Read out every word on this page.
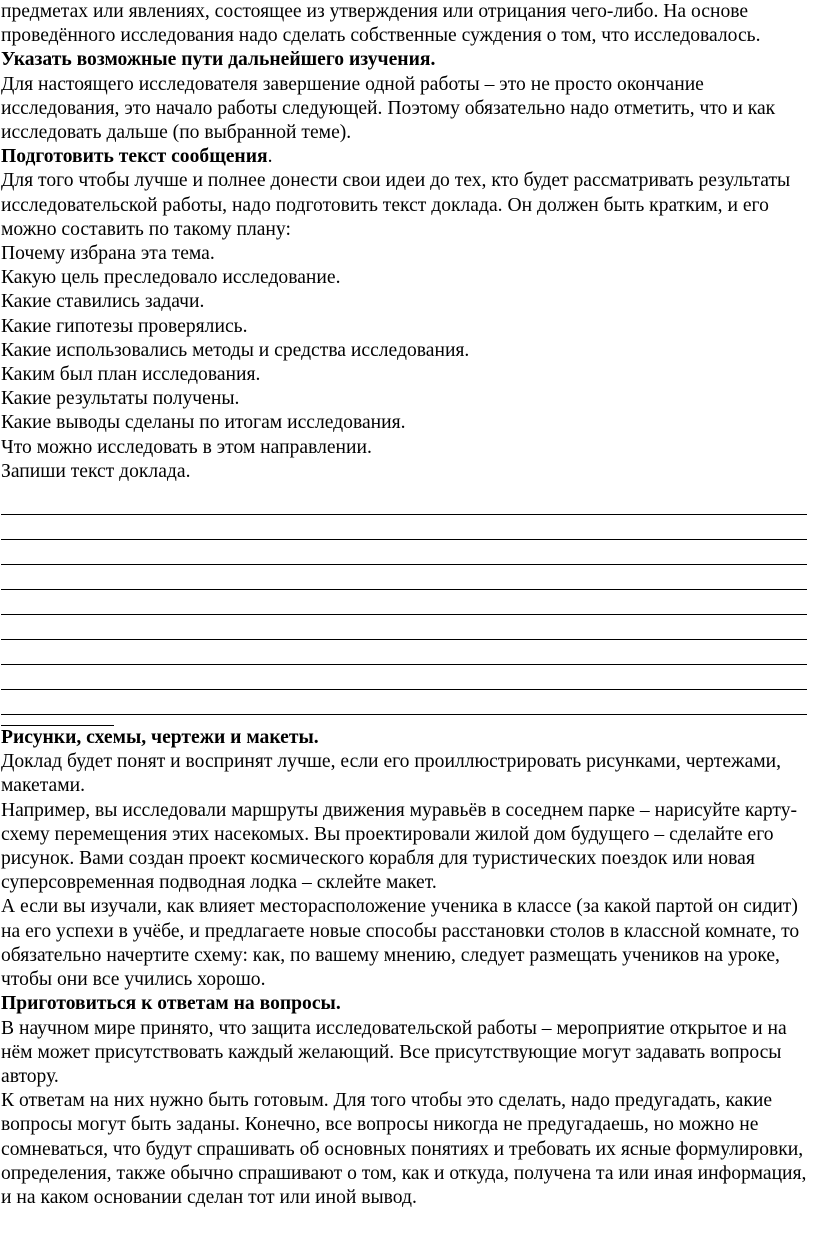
предметах или явлениях, состоящее из утверждения или отрицания чего-либо. На основе проведённого исследования надо сделать собственные суждения о том, что исследовалось.

Указать возможные пути дальнейшего изучения.

Для настоящего исследователя завершение одной работы – это не просто окончание исследования, это начало работы следующей. Поэтому обязательно надо отметить, что и как исследовать дальше (по выбранной теме).

Подготовить текст сообщения.

Для того чтобы лучше и полнее донести свои идеи до тех, кто будет рассматривать результаты исследовательской работы, надо подготовить текст доклада. Он должен быть кратким, и его можно составить по такому плану:

Почему избрана эта тема.

Какую цель преследовало исследование.

Какие ставились задачи.

Какие гипотезы проверялись.

Какие использовались методы и средства исследования.

Каким был план исследования.

Какие результаты получены.

Какие выводы сделаны по итогам исследования.

Что можно исследовать в этом направлении.

Запиши текст доклада.

Рисунки, схемы, чертежи и макеты.

Доклад будет понят и воспринят лучше, если его проиллюстрировать рисунками, чертежами, макетами.

Например, вы исследовали маршруты движения муравьёв в соседнем парке – нарисуйте карту-схему перемещения этих насекомых. Вы проектировали жилой дом будущего – сделайте его рисунок. Вами создан проект космического корабля для туристических поездок или новая суперсовременная подводная лодка – склейте макет.

А если вы изучали, как влияет месторасположение ученика в классе (за какой партой он сидит) на его успехи в учёбе, и предлагаете новые способы расстановки столов в классной комнате, то обязательно начертите схему: как, по вашему мнению, следует размещать учеников на уроке, чтобы они все учились хорошо.

Приготовиться к ответам на вопросы.

В научном мире принято, что защита исследовательской работы – мероприятие открытое и на нём может присутствовать каждый желающий. Все присутствующие могут задавать вопросы автору.

К ответам на них нужно быть готовым. Для того чтобы это сделать, надо предугадать, какие вопросы могут быть заданы. Конечно, все вопросы никогда не предугадаешь, но можно не сомневаться, что будут спрашивать об основных понятиях и требовать их ясные формулировки, определения, также обычно спрашивают о том, как и откуда, получена та или иная информация, и на каком основании сделан тот или иной вывод.
